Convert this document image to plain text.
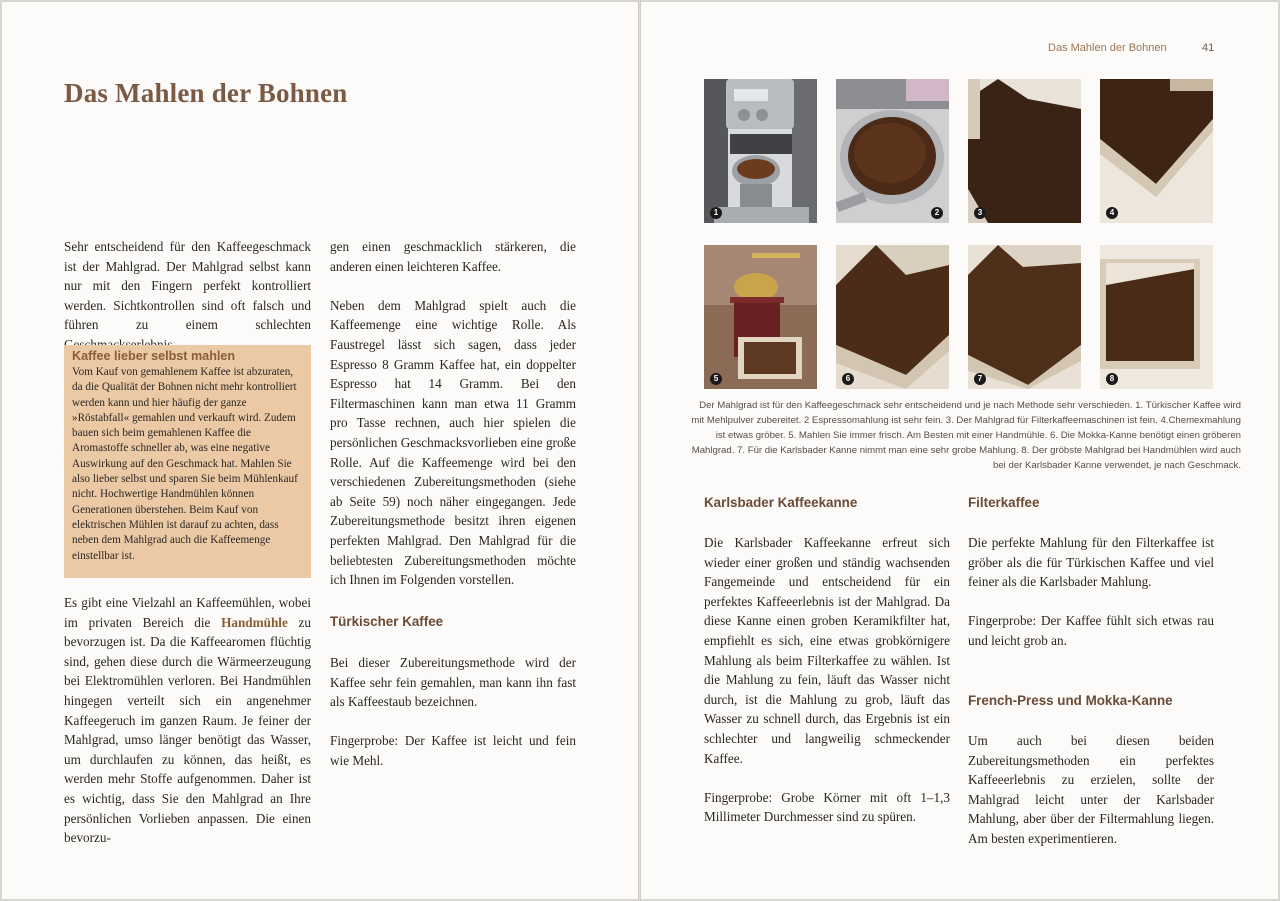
Das Mahlen der Bohnen

Sehr entscheidend für den Kaffeegeschmack ist der Mahlgrad. Der Mahlgrad selbst kann nur mit den Fingern perfekt kontrolliert werden. Sichtkontrollen sind oft falsch und führen zu einem schlechten

Kaffee lieber selbst mahlen
Vom Kauf von gemahlenem Kaffee ist abzuraten, da die Qualität der Bohnen nicht mehr kontrolliert werden kann und hier häufig der ganze »Röstabfall« gemahlen und verkauft wird. Zudem bauen sich beim gemahlenen Kaffee die Aromastoffe schneller ab, was eine negative Auswirkung auf den Geschmack hat. Mahlen Sie also lieber selbst und sparen Sie beim Mühlenkauf nicht. Hochwertige Handmühlen können Generationen überstehen. Beim Kauf von elektrischen Mühlen ist darauf zu achten, dass neben dem Mahlgrad auch die Kaffeemenge einstellbar ist.

Es gibt eine Vielzahl an Kaffeemühlen, wobei im privaten Bereich die Handmühle zu bevorzugen ist. Da die Kaffeearomen flüchtig sind, gehen diese durch die Wärmeerzeugung bei Elektromühlen verloren. Bei Handmühlen hingegen verteilt sich ein angenehmer Kaffeegeruch im ganzen Raum. Je feiner der Mahlgrad, umso länger benötigt das Wasser, um durchlaufen zu können, das heißt, es werden mehr Stoffe aufgenommen. Daher ist es wichtig, dass Sie den Mahlgrad an Ihre persönlichen Vorlieben anpassen. Die einen bevorzu-

gen einen geschmacklich stärkeren, die anderen einen leichteren Kaffee.

Neben dem Mahlgrad spielt auch die Kaffeemenge eine wichtige Rolle. Als Faustregel lässt sich sagen, dass jeder Espresso 8 Gramm Kaffee hat, ein doppelter Espresso hat 14 Gramm. Bei den Filtermaschinen kann man etwa 11 Gramm pro Tasse rechnen, auch hier spielen die persönlichen Geschmacksvorlieben eine große Rolle. Auf die Kaffeemenge wird bei den verschiedenen Zubereitungsmethoden (siehe ab Seite 59) noch näher eingegangen. Jede Zubereitungsmethode besitzt ihren eigenen perfekten Mahlgrad. Den Mahlgrad für die beliebtesten Zubereitungsmethoden möchte ich Ihnen im Folgenden vorstellen.

Türkischer Kaffee

Bei dieser Zubereitungsmethode wird der Kaffee sehr fein gemahlen, man kann ihn fast als Kaffeestaub bezeichnen.

Fingerprobe: Der Kaffee ist leicht und fein wie Mehl.

Das Mahlen der Bohnen	41
1	2	3	4
5	6	7	8
Der Mahlgrad ist für den Kaffeegeschmack sehr entscheidend und je nach Methode sehr verschieden. 1. Türkischer Kaffee wird mit Mehlpulver zubereitet. 2 Espressomahlung ist sehr fein. 3. Der Mahlgrad für Filterkaffeemaschinen ist fein. 4.Chemexmahlung ist etwas gröber. 5. Mahlen Sie immer frisch. Am Besten mit einer Handmühle. 6. Die Mokka-Kanne benötigt einen gröberen Mahlgrad. 7. Für die Karlsbader Kanne nimmt man eine sehr grobe Mahlung. 8. Der gröbste Mahlgrad bei Handmühlen wird auch bei der Karlsbader Kanne verwendet, je nach Geschmack.
Karlsbader Kaffeekanne

Die Karlsbader Kaffeekanne erfreut sich wieder einer großen und ständig wachsenden Fangemeinde und entscheidend für ein perfektes Kaffeeerlebnis ist der Mahlgrad. Da diese Kanne einen groben Keramikfilter hat, empfiehlt es sich, eine etwas grobkörnigere Mahlung als beim Filterkaffee zu wählen. Ist die Mahlung zu fein, läuft das Wasser nicht durch, ist die Mahlung zu grob, läuft das Wasser zu schnell durch, das Ergebnis ist ein schlechter und langweilig schmeckender Kaffee.

Fingerprobe: Grobe Körner mit oft 1–1,3 Millimeter Durchmesser sind zu spüren.

Filterkaffee

Die perfekte Mahlung für den Filterkaffee ist gröber als die für Türkischen Kaffee und viel feiner als die Karlsbader Mahlung.

Fingerprobe: Der Kaffee fühlt sich etwas rau und leicht grob an.

French-Press und Mokka-Kanne

Um auch bei diesen beiden Zubereitungsmethoden ein perfektes Kaffeeerlebnis zu erzielen, sollte der Mahlgrad leicht unter der Karlsbader Mahlung, aber über der Filtermahlung liegen. Am besten experimentieren.
